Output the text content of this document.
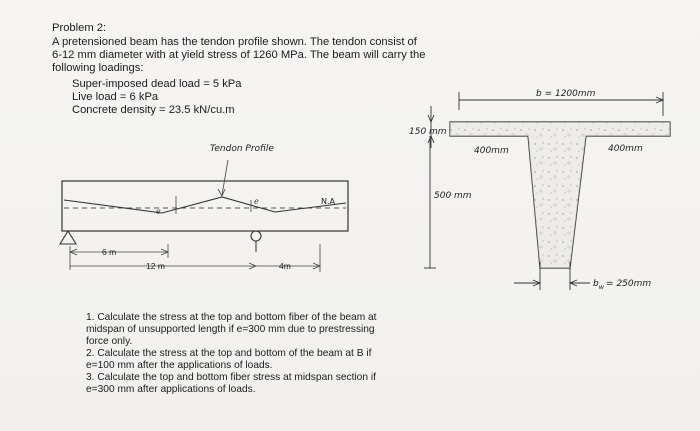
Problem 2:
A pretensioned beam has the tendon profile shown. The tendon consist of
6-12 mm diameter with at yield stress of 1260 MPa. The beam will carry the
following loadings:
Super-imposed dead load = 5 kPa
Live load = 6 kPa
Concrete density = 23.5 kN/cu.m
1. Calculate the stress at the top and bottom fiber of the beam at
midspan of unsupported length if e=300 mm due to prestressing
force only.
2. Calculate the stress at the top and bottom of the beam at B if
e=100 mm after the applications of loads.
3. Calculate the top and bottom fiber stress at midspan section if
e=300 mm after applications of loads.
Tendon Profile
N.A
e
e
6 m
12 m	4m
b = 1200mm
150 mm
400mm	400mm
500 mm
$b_w = 250mm$
